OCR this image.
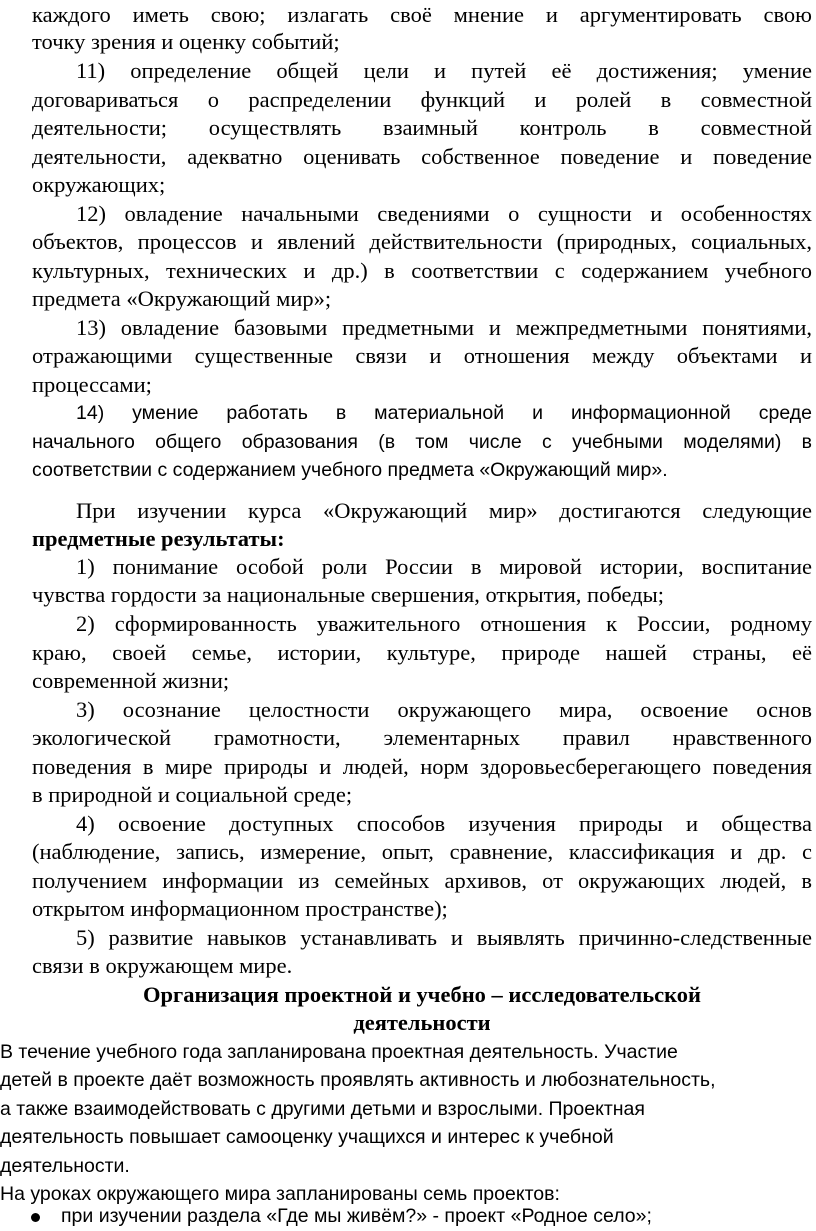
каждого иметь свою; излагать своё мнение и аргументировать свою
точку зрения и оценку событий;
11) определение общей цели и путей её достижения; умение
договариваться о распределении функций и ролей в совместной
деятельности; осуществлять взаимный контроль в совместной
деятельности, адекватно оценивать собственное поведение и поведение
окружающих;
12) овладение начальными сведениями о сущности и особенностях
объектов, процессов и явлений действительности (природных, социальных,
культурных, технических и др.) в соответствии с содержанием учебного
предмета «Окружающий мир»;
13) овладение базовыми предметными и межпредметными понятиями,
отражающими существенные связи и отношения между объектами и
процессами;
14) умение работать в материальной и информационной среде
начального общего образования (в том числе с учебными моделями) в
соответствии с содержанием учебного предмета «Окружающий мир».
При изучении курса «Окружающий мир» достигаются следующие
предметные результаты:
1) понимание особой роли России в мировой истории, воспитание
чувства гордости за национальные свершения, открытия, победы;
2) сформированность уважительного отношения к России, родному
краю, своей семье, истории, культуре, природе нашей страны, её
современной жизни;
3) осознание целостности окружающего мира, освоение основ
экологической грамотности, элементарных правил нравственного
поведения в мире природы и людей, норм здоровьесберегающего поведения
в природной и социальной среде;
4) освоение доступных способов изучения природы и общества
(наблюдение, запись, измерение, опыт, сравнение, классификация и др. с
получением информации из семейных архивов, от окружающих людей, в
открытом информационном пространстве);
5) развитие навыков устанавливать и выявлять причинно-следственные
связи в окружающем мире.
Организация проектной и учебно – исследовательской
деятельности
В течение учебного года запланирована проектная деятельность. Участие
детей в проекте даёт возможность проявлять активность и любознательность,
а также взаимодействовать с другими детьми и взрослыми. Проектная
деятельность повышает самооценку учащихся и интерес к учебной
деятельности.
На уроках окружающего мира запланированы семь проектов:
при изучении раздела «Где мы живём?» - проект «Родное село»;
